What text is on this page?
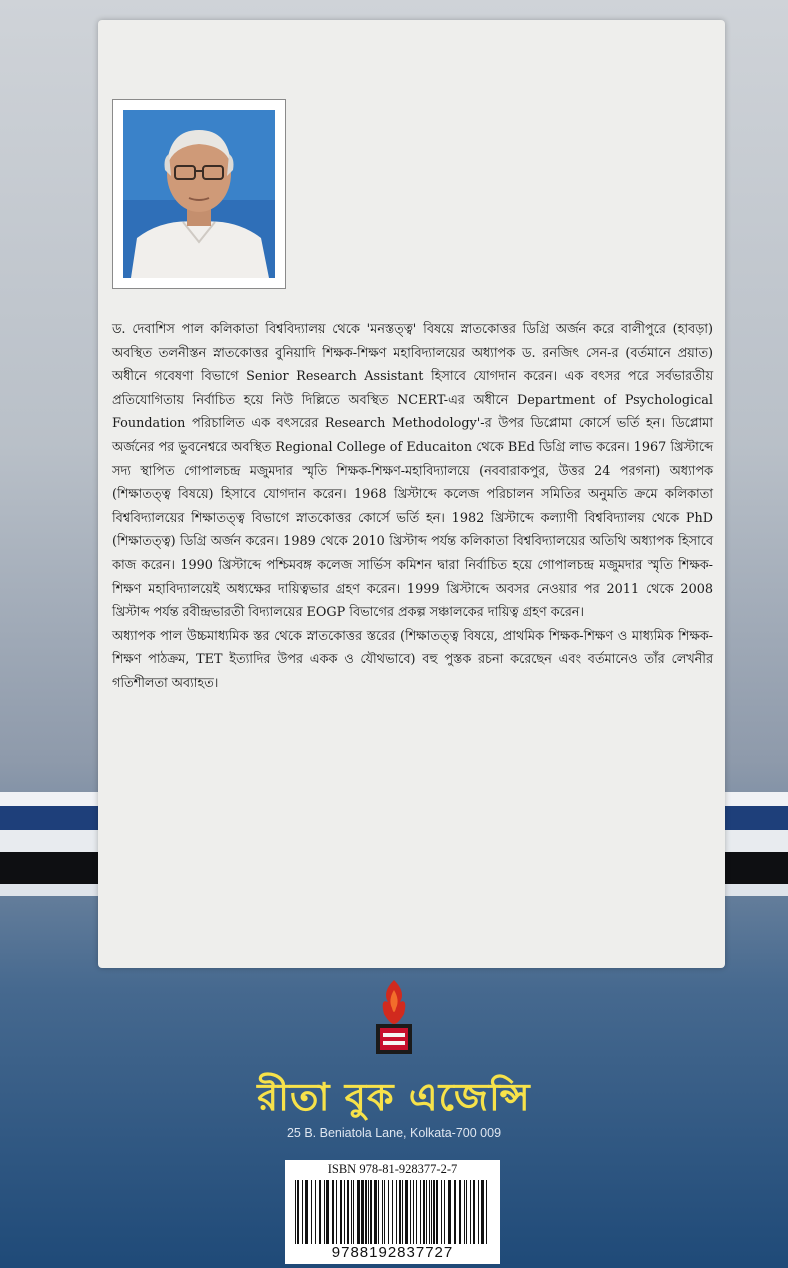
ড. দেবাশিস পাল কলিকাতা বিশ্ববিদ্যালয় থেকে 'মনস্তত্ত্ব' বিষয়ে স্নাতকোত্তর ডিগ্রি অর্জন করে বালীপুরে (হাবড়া) অবস্থিত তলনীস্তন স্নাতকোত্তর বুনিয়াদি শিক্ষক-শিক্ষণ মহাবিদ্যালয়ের অধ্যাপক ড. রনজিৎ সেন-র (বর্তমানে প্রয়াত) অধীনে গবেষণা বিভাগে Senior Research Assistant হিসাবে যোগদান করেন। এক বৎসর পরে সর্বভারতীয় প্রতিযোগিতায় নির্বাচিত হয়ে নিউ দিল্লিতে অবস্থিত NCERT-এর অধীনে Department of Psychological Foundation পরিচালিত এক বৎসরের Research Methodology'-র উপর ডিপ্লোমা কোর্সে ভর্তি হন। ডিপ্লোমা অর্জনের পর ভুবনেশ্বরে অবস্থিত Regional College of Educaiton থেকে BEd ডিগ্রি লাভ করেন। 1967 খ্রিস্টাব্দে সদ্য স্থাপিত গোপালচন্দ্র মজুমদার স্মৃতি শিক্ষক-শিক্ষণ-মহাবিদ্যালয়ে (নববারাকপুর, উত্তর 24 পরগনা) অধ্যাপক (শিক্ষাতত্ত্ব বিষয়ে) হিসাবে যোগদান করেন। 1968 খ্রিস্টাব্দে কলেজ পরিচালন সমিতির অনুমতি ক্রমে কলিকাতা বিশ্ববিদ্যালয়ের শিক্ষাতত্ত্ব বিভাগে স্নাতকোত্তর কোর্সে ভর্তি হন। 1982 খ্রিস্টাব্দে কল্যাণী বিশ্ববিদ্যালয় থেকে PhD (শিক্ষাতত্ত্ব) ডিগ্রি অর্জন করেন। 1989 থেকে 2010 খ্রিস্টাব্দ পর্যন্ত কলিকাতা বিশ্ববিদ্যালয়ের অতিথি অধ্যাপক হিসাবে কাজ করেন। 1990 খ্রিস্টাব্দে পশ্চিমবঙ্গ কলেজ সার্ভিস কমিশন দ্বারা নির্বাচিত হয়ে গোপালচন্দ্র মজুমদার স্মৃতি শিক্ষক-শিক্ষণ মহাবিদ্যালয়েই অধ্যক্ষের দায়িত্বভার গ্রহণ করেন। 1999 খ্রিস্টাব্দে অবসর নেওয়ার পর 2011 থেকে 2008 খ্রিস্টাব্দ পর্যন্ত রবীন্দ্রভারতী বিদ্যালয়ের EOGP বিভাগের প্রকল্প সঞ্চালকের দায়িত্ব গ্রহণ করেন।

অধ্যাপক পাল উচ্চমাধ্যমিক স্তর থেকে স্নাতকোত্তর স্তরের (শিক্ষাতত্ত্ব বিষয়ে, প্রাথমিক শিক্ষক-শিক্ষণ ও মাধ্যমিক শিক্ষক-শিক্ষণ পাঠক্রম, TET ইত্যাদির উপর একক ও যৌথভাবে) বহু পুস্তক রচনা করেছেন এবং বর্তমানেও তাঁর লেখনীর গতিশীলতা অব্যাহত।

রীতা বুক এজেন্সি
25 B. Beniatola Lane, Kolkata-700 009
ISBN 978-81-928377-2-7
9788192837727
